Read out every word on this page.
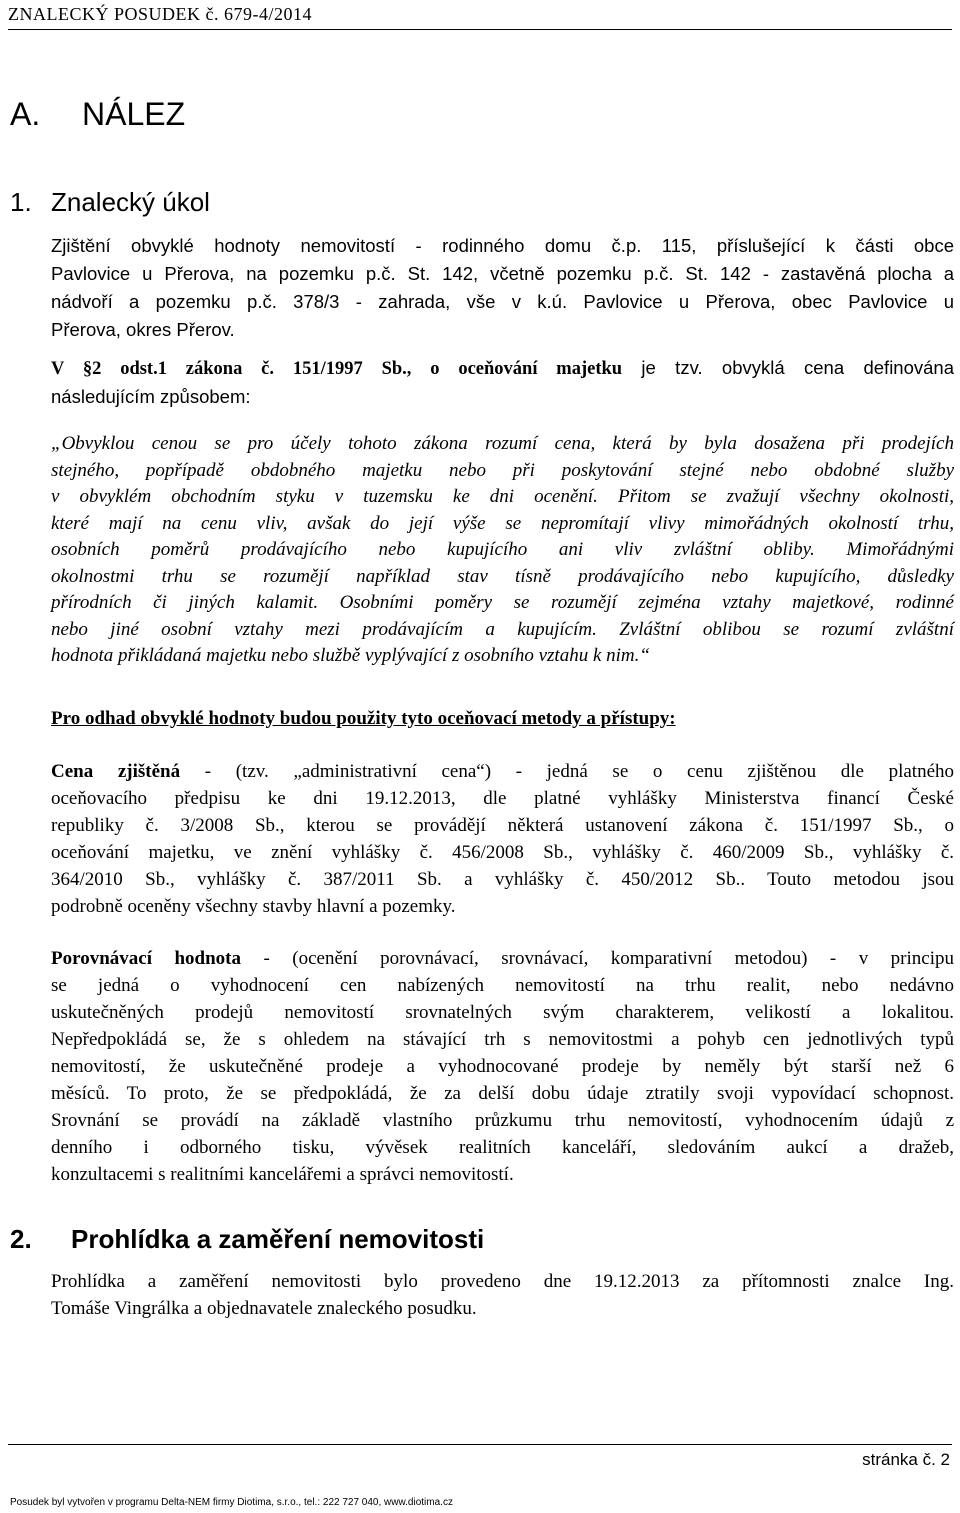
ZNALECKÝ POSUDEK č. 679-4/2014
A. NÁLEZ
1. Znalecký úkol
Zjištění obvyklé hodnoty nemovitostí - rodinného domu č.p. 115, příslušející k části obce
Pavlovice u Přerova, na pozemku p.č. St. 142, včetně pozemku p.č. St. 142 - zastavěná plocha a
nádvoří a pozemku p.č. 378/3 - zahrada, vše v k.ú. Pavlovice u Přerova, obec Pavlovice u
Přerova, okres Přerov.
V §2 odst.1 zákona č. 151/1997 Sb., o oceňování majetku je tzv. obvyklá cena definována
následujícím způsobem:
„Obvyklou cenou se pro účely tohoto zákona rozumí cena, která by byla dosažena při prodejích
stejného, popřípadě obdobného majetku nebo při poskytování stejné nebo obdobné služby
v obvyklém obchodním styku v tuzemsku ke dni ocenění. Přitom se zvažují všechny okolnosti,
které mají na cenu vliv, avšak do její výše se nepromítají vlivy mimořádných okolností trhu,
osobních poměrů prodávajícího nebo kupujícího ani vliv zvláštní obliby. Mimořádnými
okolnostmi trhu se rozumějí například stav tísně prodávajícího nebo kupujícího, důsledky
přírodních či jiných kalamit. Osobními poměry se rozumějí zejména vztahy majetkové, rodinné
nebo jiné osobní vztahy mezi prodávajícím a kupujícím. Zvláštní oblibou se rozumí zvláštní
hodnota přikládaná majetku nebo službě vyplývající z osobního vztahu k nim.“
Pro odhad obvyklé hodnoty budou použity tyto oceňovací metody a přístupy:
Cena zjištěná - (tzv. „administrativní cena“) - jedná se o cenu zjištěnou dle platného
oceňovacího předpisu ke dni 19.12.2013, dle platné vyhlášky Ministerstva financí České
republiky č. 3/2008 Sb., kterou se provádějí některá ustanovení zákona č. 151/1997 Sb., o
oceňování majetku, ve znění vyhlášky č. 456/2008 Sb., vyhlášky č. 460/2009 Sb., vyhlášky č.
364/2010 Sb., vyhlášky č. 387/2011 Sb. a vyhlášky č. 450/2012 Sb.. Touto metodou jsou
podrobně oceněny všechny stavby hlavní a pozemky.
Porovnávací hodnota - (ocenění porovnávací, srovnávací, komparativní metodou) - v principu
se jedná o vyhodnocení cen nabízených nemovitostí na trhu realit, nebo nedávno
uskutečněných prodejů nemovitostí srovnatelných svým charakterem, velikostí a lokalitou.
Nepředpokládá se, že s ohledem na stávající trh s nemovitostmi a pohyb cen jednotlivých typů
nemovitostí, že uskutečněné prodeje a vyhodnocované prodeje by neměly být starší než 6
měsíců. To proto, že se předpokládá, že za delší dobu údaje ztratily svoji vypovídací schopnost.
Srovnání se provádí na základě vlastního průzkumu trhu nemovitostí, vyhodnocením údajů z
denního i odborného tisku, vývěsek realitních kanceláří, sledováním aukcí a dražeb,
konzultacemi s realitními kancelářemi a správci nemovitostí.
2. Prohlídka a zaměření nemovitosti
Prohlídka a zaměření nemovitosti bylo provedeno dne 19.12.2013 za přítomnosti znalce Ing.
Tomáše Vingrálka a objednavatele znaleckého posudku.
stránka č. 2
Posudek byl vytvořen v programu Delta-NEM firmy Diotima, s.r.o., tel.: 222 727 040, www.diotima.cz
